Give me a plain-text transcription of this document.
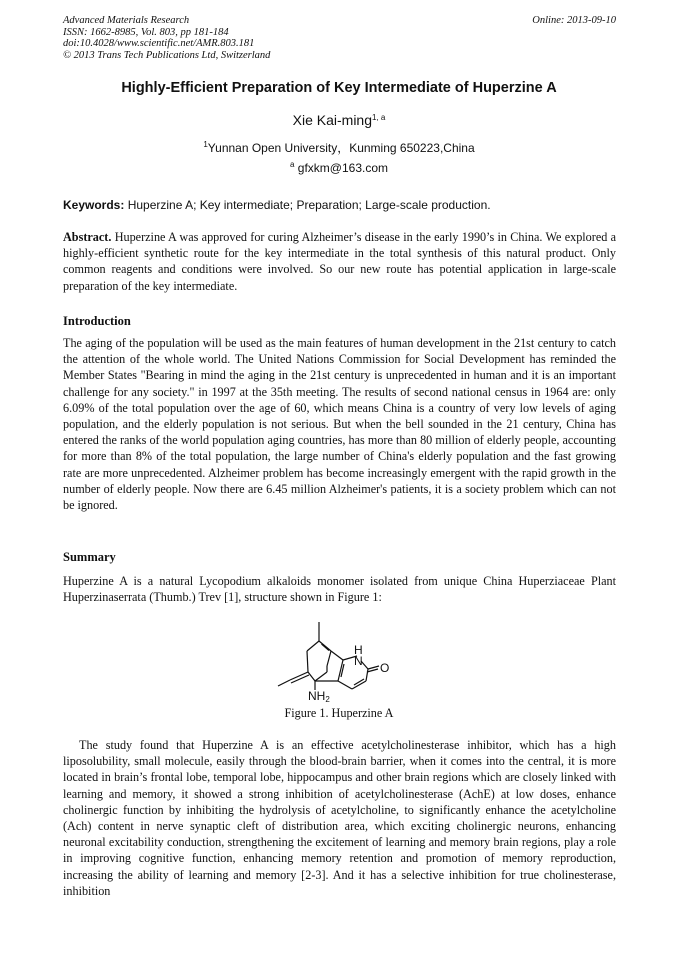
Advanced Materials Research
ISSN: 1662-8985, Vol. 803, pp 181-184
doi:10.4028/www.scientific.net/AMR.803.181
© 2013 Trans Tech Publications Ltd, Switzerland
Online: 2013-09-10
Highly-Efficient Preparation of Key Intermediate of Huperzine A
Xie Kai-ming$^{1, a}$
$^1$Yunnan Open University，Kunming 650223,China
$^a$ gfxkm@163.com
Keywords: Huperzine A; Key intermediate; Preparation; Large-scale production.
Abstract. Huperzine A was approved for curing Alzheimer’s disease in the early 1990’s in China. We explored a highly-efficient synthetic route for the key intermediate in the total synthesis of this natural product. Only common reagents and conditions were involved. So our new route has potential application in large-scale preparation of the key intermediate.
Introduction
The aging of the population will be used as the main features of human development in the 21st century to catch the attention of the whole world. The United Nations Commission for Social Development has reminded the Member States "Bearing in mind the aging in the 21st century is unprecedented in human and it is an important challenge for any society." in 1997 at the 35th meeting. The results of second national census in 1964 are: only 6.09% of the total population over the age of 60, which means China is a country of very low levels of aging population, and the elderly population is not serious. But when the bell sounded in the 21 century, China has entered the ranks of the world population aging countries, has more than 80 million of elderly people, accounting for more than 8% of the total population, the large number of China's elderly population and the fast growing rate are more unprecedented. Alzheimer problem has become increasingly emergent with the rapid growth in the number of elderly people. Now there are 6.45 million Alzheimer's patients, it is a society problem which can not be ignored.
Summary
Huperzine A is a natural Lycopodium alkaloids monomer isolated from unique China Huperziaceae Plant Huperzinaserrata (Thumb.) Trev [1], structure shown in Figure 1:
H
N O
NH2
Figure 1. Huperzine A
The study found that Huperzine A is an effective acetylcholinesterase inhibitor, which has a high liposolubility, small molecule, easily through the blood-brain barrier, when it comes into the central, it is more located in brain’s frontal lobe, temporal lobe, hippocampus and other brain regions which are closely linked with learning and memory, it showed a strong inhibition of acetylcholinesterase (AchE) at low doses, enhance cholinergic function by inhibiting the hydrolysis of acetylcholine, to significantly enhance the acetylcholine (Ach) content in nerve synaptic cleft of distribution area, which exciting cholinergic neurons, enhancing neuronal excitability conduction, strengthening the excitement of learning and memory brain regions, play a role in improving cognitive function, enhancing memory retention and promotion of memory reproduction, increasing the ability of learning and memory [2-3]. And it has a selective inhibition for true cholinesterase, inhibition
